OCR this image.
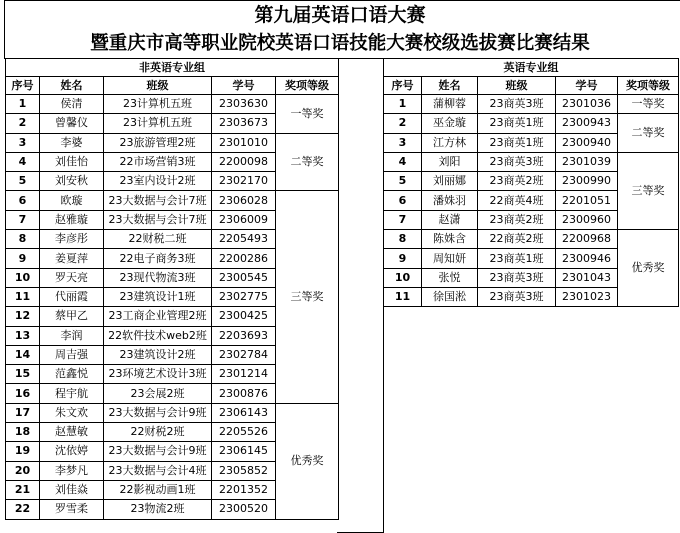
第九届英语口语大赛
暨重庆市高等职业院校英语口语技能大赛校级选拔赛比赛结果
非英语专业组				
序号	姓名	班级	学号	奖项等级
1	侯清	23计算机五班	2303630	一等奖
2	曾馨仪	23计算机五班	2303673	
3	李婆	23旅游管理2班	2301010	二等奖
4	刘佳怡	22市场营销3班	2200098	
5	刘安秋	23室内设计2班	2302170	
6	欧璇	23大数据与会计7班	2306028	三等奖
7	赵雅璇	23大数据与会计7班	2306009	
8	李彦彤	22财税二班	2205493	
9	姜夏萍	22电子商务3班	2200286	
10	罗天亮	23现代物流3班	2300545	
11	代丽霞	23建筑设计1班	2302775	
12	蔡甲乙	23工商企业管理2班	2300425	
13	李润	22软件技术web2班	2203693	
14	周吉强	23建筑设计2班	2302784	
15	范鑫悦	23环境艺术设计3班	2301214	
16	程宇航	23会展2班	2300876	
17	朱文欢	23大数据与会计9班	2306143	优秀奖
18	赵慧敏	22财税2班	2205526	
19	沈依婷	23大数据与会计9班	2306145	
20	李梦凡	23大数据与会计4班	2305852	
21	刘佳焱	22影视动画1班	2201352	
22	罗雪柔	23物流2班	2300520	
英语专业组				
序号	姓名	班级	学号	奖项等级
1	蒲柳蓉	23商英3班	2301036	一等奖
2	巫金璇	23商英1班	2300943	二等奖
3	江方林	23商英1班	2300940	
4	刘阳	23商英3班	2301039	三等奖
5	刘丽娜	23商英2班	2300990	
6	潘姝羽	22商英4班	2201051	
7	赵潇	23商英2班	2300960	
8	陈姝含	22商英2班	2200968	优秀奖
9	周知妍	23商英1班	2300946	
10	张悦	23商英3班	2301043	
11	徐国淞	23商英3班	2301023	
